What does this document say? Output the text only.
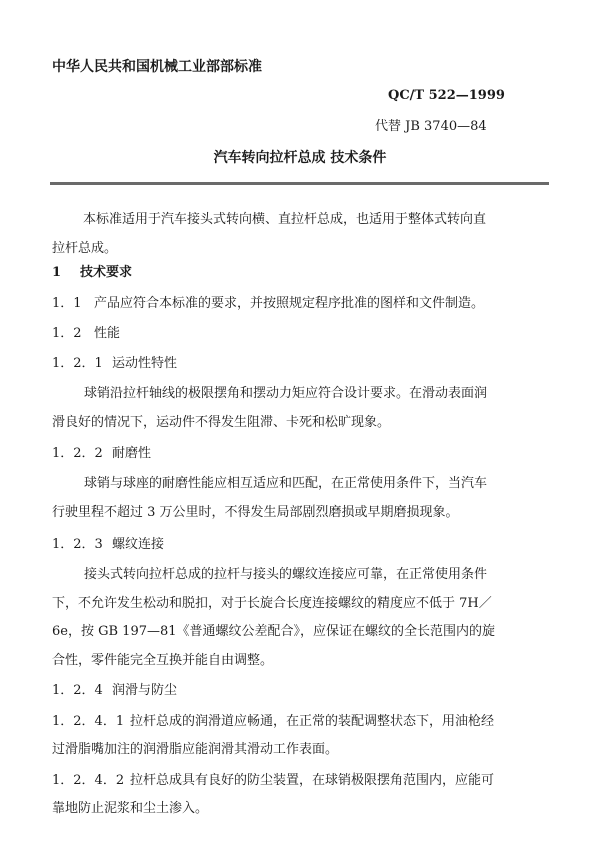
中华人民共和国机械工业部部标准
QC/T 522—1999
代替 JB 3740—84
汽车转向拉杆总成 技术条件
本标准适用于汽车接头式转向横、直拉杆总成，也适用于整体式转向直拉杆总成。
1 技术要求
1．1 产品应符合本标准的要求，并按照规定程序批准的图样和文件制造。
1．2 性能
1．2．1 运动性特性
球销沿拉杆轴线的极限摆角和摆动力矩应符合设计要求。在滑动表面润滑良好的情况下，运动件不得发生阻滞、卡死和松旷现象。
1．2．2 耐磨性
球销与球座的耐磨性能应相互适应和匹配，在正常使用条件下，当汽车行驶里程不超过 3 万公里时，不得发生局部剧烈磨损或早期磨损现象。
1．2．3 螺纹连接
接头式转向拉杆总成的拉杆与接头的螺纹连接应可靠，在正常使用条件下，不允许发生松动和脱扣，对于长旋合长度连接螺纹的精度应不低于 7H／6e，按 GB 197—81《普通螺纹公差配合》，应保证在螺纹的全长范围内的旋合性，零件能完全互换并能自由调整。
1．2．4 润滑与防尘
1．2．4．1 拉杆总成的润滑道应畅通，在正常的装配调整状态下，用油枪经过滑脂嘴加注的润滑脂应能润滑其滑动工作表面。
1．2．4．2 拉杆总成具有良好的防尘装置，在球销极限摆角范围内，应能可靠地防止泥浆和尘土渗入。
